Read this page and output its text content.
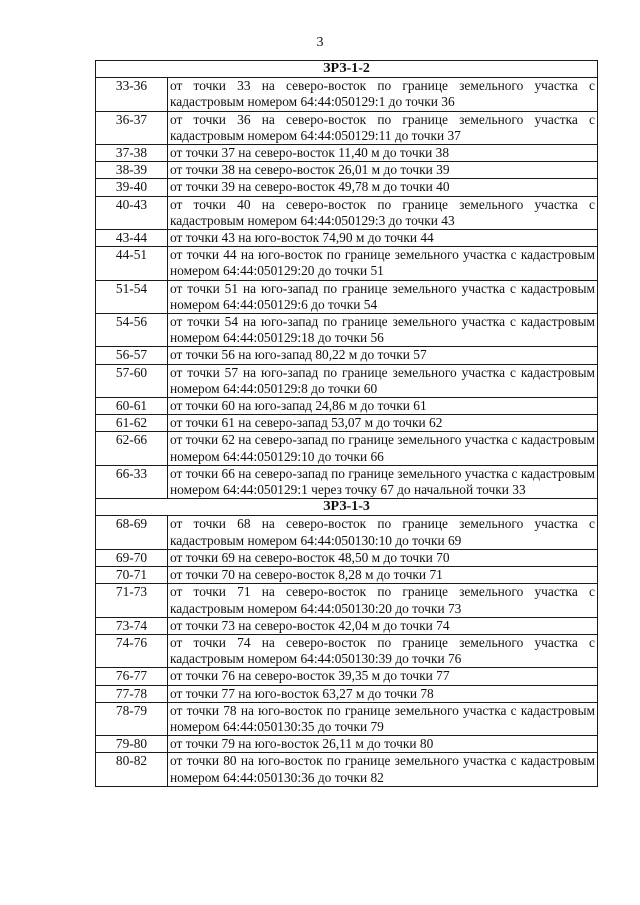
3
ЗРЗ-1-2	
33-36	от точки 33 на северо-восток по границе земельного участка с кадастровым номером 64:44:050129:1 до точки 36
36-37	от точки 36 на северо-восток по границе земельного участка с кадастровым номером 64:44:050129:11 до точки 37
37-38	от точки 37 на северо-восток 11,40 м до точки 38
38-39	от точки 38 на северо-восток 26,01 м до точки 39
39-40	от точки 39 на северо-восток 49,78 м до точки 40
40-43	от точки 40 на северо-восток по границе земельного участка с кадастровым номером 64:44:050129:3 до точки 43
43-44	от точки 43 на юго-восток 74,90 м до точки 44
44-51	от точки 44 на юго-восток по границе земельного участка с кадастровым номером 64:44:050129:20 до точки 51
51-54	от точки 51 на юго-запад по границе земельного участка с кадастровым номером 64:44:050129:6 до точки 54
54-56	от точки 54 на юго-запад по границе земельного участка с кадастровым номером 64:44:050129:18 до точки 56
56-57	от точки 56 на юго-запад 80,22 м до точки 57
57-60	от точки 57 на юго-запад по границе земельного участка с кадастровым номером 64:44:050129:8 до точки 60
60-61	от точки 60 на юго-запад 24,86 м до точки 61
61-62	от точки 61 на северо-запад 53,07 м до точки 62
62-66	от точки 62 на северо-запад по границе земельного участка с кадастровым номером 64:44:050129:10 до точки 66
66-33	от точки 66 на северо-запад по границе земельного участка с кадастровым номером 64:44:050129:1 через точку 67 до начальной точки 33
ЗРЗ-1-3	
68-69	от точки 68 на северо-восток по границе земельного участка с кадастровым номером 64:44:050130:10 до точки 69
69-70	от точки 69 на северо-восток 48,50 м до точки 70
70-71	от точки 70 на северо-восток 8,28 м до точки 71
71-73	от точки 71 на северо-восток по границе земельного участка с кадастровым номером 64:44:050130:20 до точки 73
73-74	от точки 73 на северо-восток 42,04 м до точки 74
74-76	от точки 74 на северо-восток по границе земельного участка с кадастровым номером 64:44:050130:39 до точки 76
76-77	от точки 76 на северо-восток 39,35 м до точки 77
77-78	от точки 77 на юго-восток 63,27 м до точки 78
78-79	от точки 78 на юго-восток по границе земельного участка с кадастровым номером 64:44:050130:35 до точки 79
79-80	от точки 79 на юго-восток 26,11 м до точки 80
80-82	от точки 80 на юго-восток по границе земельного участка с кадастровым номером 64:44:050130:36 до точки 82
